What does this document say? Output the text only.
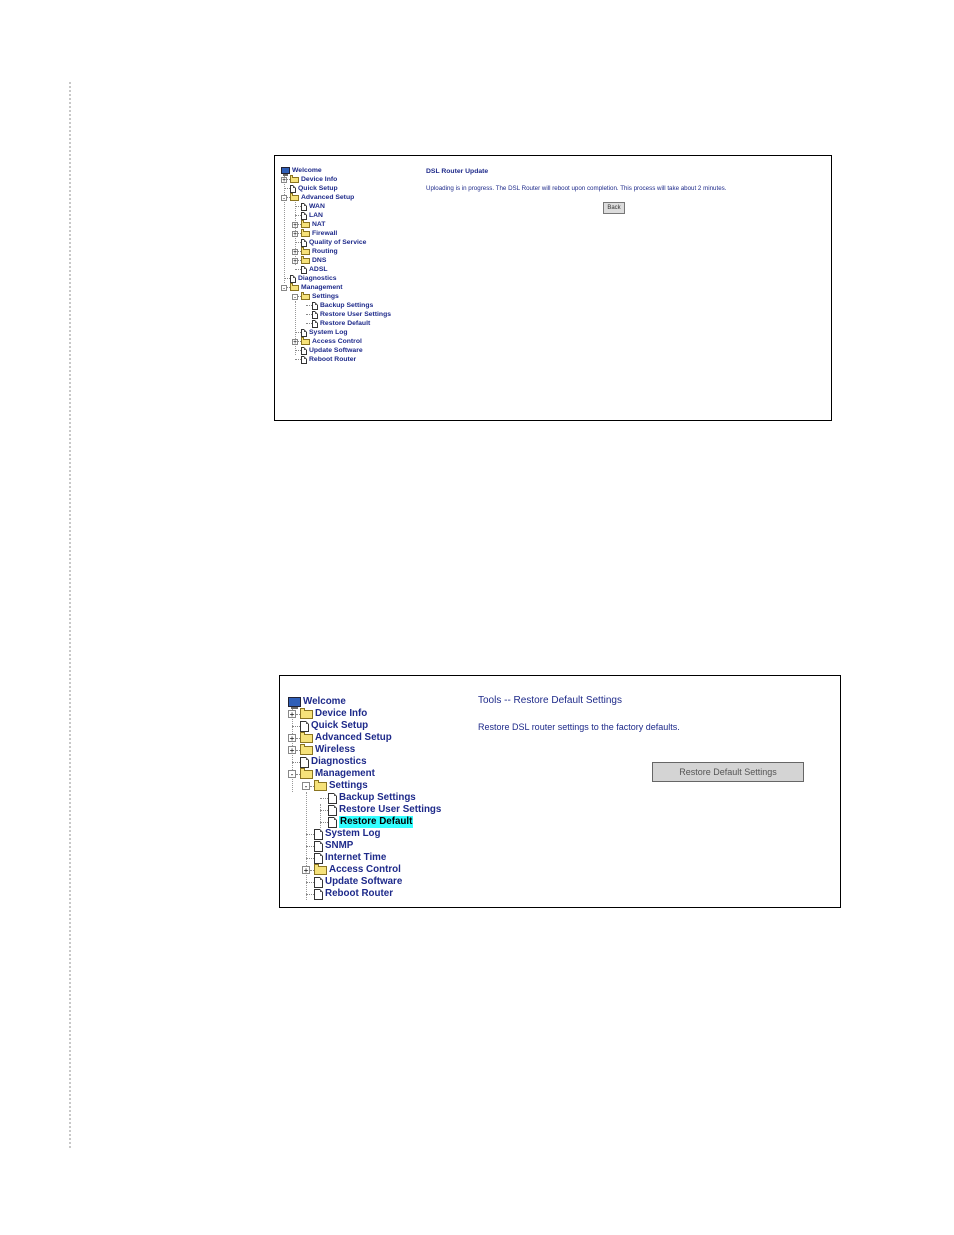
Welcome
+ Device Info
Quick Setup
- Advanced Setup
WAN
LAN
+ NAT
+ Firewall
Quality of Service
+ Routing
+ DNS
ADSL
Diagnostics
- Management
- Settings
Backup Settings
Restore User Settings
Restore Default
System Log
+ Access Control
Update Software
Reboot Router
DSL Router Update
Uploading is in progress. The DSL Router will reboot upon completion. This process will take about 2 minutes.
Back
Welcome
+ Device Info
Quick Setup
+ Advanced Setup
+ Wireless
Diagnostics
- Management
- Settings
Backup Settings
Restore User Settings
Restore Default
System Log
SNMP
Internet Time
+ Access Control
Update Software
Reboot Router
Tools -- Restore Default Settings
Restore DSL router settings to the factory defaults.
Restore Default Settings
